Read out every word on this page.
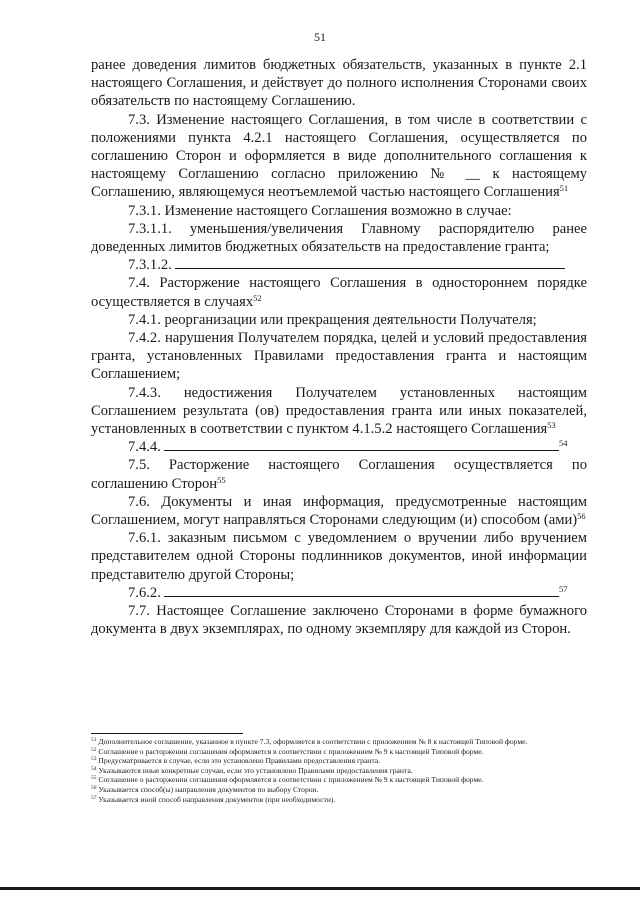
51

ранее доведения лимитов бюджетных обязательств, указанных в пункте 2.1 настоящего Соглашения, и действует до полного исполнения Сторонами своих обязательств по настоящему Соглашению.

7.3. Изменение настоящего Соглашения, в том числе в соответствии с положениями пункта 4.2.1 настоящего Соглашения, осуществляется по соглашению Сторон и оформляется в виде дополнительного соглашения к настоящему Соглашению согласно приложению № __ к настоящему Соглашению, являющемуся неотъемлемой частью настоящего Соглашения$^{51}$

7.3.1. Изменение настоящего Соглашения возможно в случае:

7.3.1.1. уменьшения/увеличения Главному распорядителю ранее доведенных лимитов бюджетных обязательств на предоставление гранта;

7.3.1.2.

7.4. Расторжение настоящего Соглашения в одностороннем порядке осуществляется в случаях$^{52}$

7.4.1. реорганизации или прекращения деятельности Получателя;

7.4.2. нарушения Получателем порядка, целей и условий предоставления гранта, установленных Правилами предоставления гранта и настоящим Соглашением;

7.4.3. недостижения Получателем установленных настоящим Соглашением результата (ов) предоставления гранта или иных показателей, установленных в соответствии с пунктом 4.1.5.2 настоящего Соглашения$^{53}$

7.4.4.	$^{54}$

7.5. Расторжение настоящего Соглашения осуществляется по соглашению Сторон$^{55}$

7.6. Документы и иная информация, предусмотренные настоящим Соглашением, могут направляться Сторонами следующим (и) способом (ами)$^{56}$

7.6.1. заказным письмом с уведомлением о вручении либо вручением представителем одной Стороны подлинников документов, иной информации представителю другой Стороны;

7.6.2.	$^{57}$

7.7. Настоящее Соглашение заключено Сторонами в форме бумажного документа в двух экземплярах, по одному экземпляру для каждой из Сторон.

$^{51}$ Дополнительное соглашение, указанное в пункте 7.3, оформляется в соответствии с приложением № 8 к настоящей Типовой форме.

$^{52}$ Соглашение о расторжении соглашения оформляется в соответствии с приложением № 9 к настоящей Типовой форме.

$^{53}$ Предусматривается в случае, если это установлено Правилами предоставления гранта.

$^{54}$ Указываются иные конкретные случаи, если это установлено Правилами предоставления гранта.

$^{55}$ Соглашение о расторжении соглашения оформляется в соответствии с приложением № 9 к настоящей Типовой форме.

$^{56}$ Указывается способ(ы) направления документов по выбору Сторон.

$^{57}$ Указывается иной способ направления документов (при необходимости).
